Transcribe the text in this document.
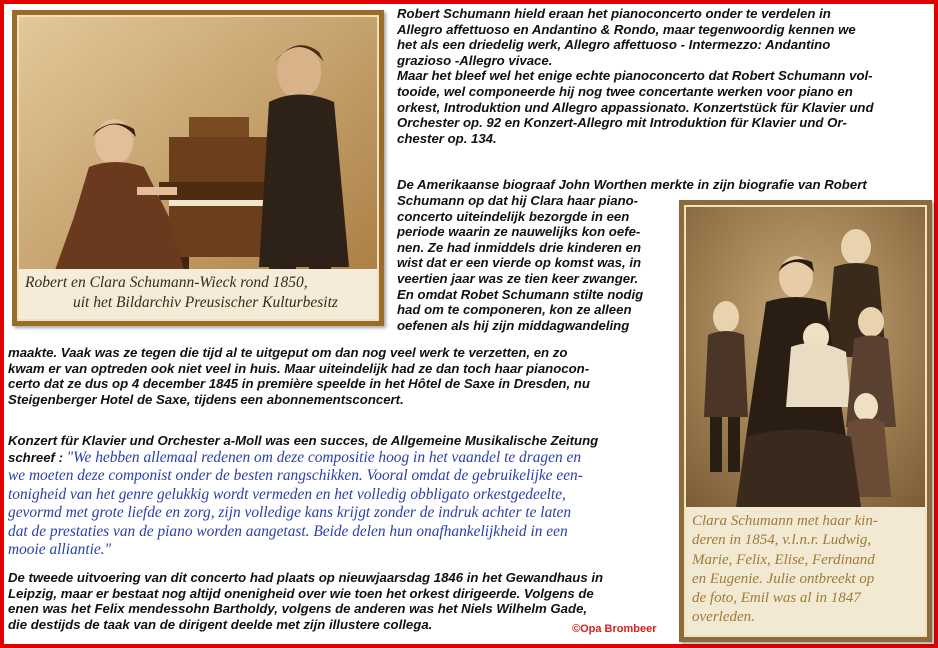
Robert en Clara Schumann-Wieck rond 1850,
uit het Bildarchiv Preusischer Kulturbesitz
Robert Schumann hield eraan het pianoconcerto onder te verdelen in
Allegro affettuoso en Andantino & Rondo, maar tegenwoordig kennen we
het als een driedelig werk, Allegro affettuoso - Intermezzo: Andantino
grazioso -Allegro vivace.
Maar het bleef wel het enige echte pianoconcerto dat Robert Schumann vol-
tooide, wel componeerde hij nog twee concertante werken voor piano en
orkest, Introduktion und Allegro appassionato. Konzertstück für Klavier und
Orchester op. 92 en Konzert-Allegro mit Introduktion für Klavier und Or-
chester op. 134.
De Amerikaanse biograaf John Worthen merkte in zijn biografie van Robert
Schumann op dat hij Clara haar piano-
concerto uiteindelijk bezorgde in een
periode waarin ze nauwelijks kon oefe-
nen. Ze had inmiddels drie kinderen en
wist dat er een vierde op komst was, in
veertien jaar was ze tien keer zwanger.
En omdat Robet Schumann stilte nodig
had om te componeren, kon ze alleen
oefenen als hij zijn middagwandeling
maakte. Vaak was ze tegen die tijd al te uitgeput om dan nog veel werk te verzetten, en zo
kwam er van optreden ook niet veel in huis. Maar uiteindelijk had ze dan toch haar pianocon-
certo dat ze dus op 4 december 1845 in première speelde in het Hôtel de Saxe in Dresden, nu
Steigenberger Hotel de Saxe, tijdens een abonnementsconcert.
Konzert für Klavier und Orchester a-Moll was een succes, de Allgemeine Musikalische Zeitung
schreef : "We hebben allemaal redenen om deze compositie hoog in het vaandel te dragen en
we moeten deze componist onder de besten rangschikken. Vooral omdat de gebruikelijke een-
tonigheid van het genre gelukkig wordt vermeden en het volledig obbligato orkestgedeelte,
gevormd met grote liefde en zorg, zijn volledige kans krijgt zonder de indruk achter te laten
dat de prestaties van de piano worden aangetast. Beide delen hun onafhankelijkheid in een
mooie alliantie."
De tweede uitvoering van dit concerto had plaats op nieuwjaarsdag 1846 in het Gewandhaus in
Leipzig, maar er bestaat nog altijd onenigheid over wie toen het orkest dirigeerde. Volgens de
enen was het Felix mendessohn Bartholdy, volgens de anderen was het Niels Wilhelm Gade,
die destijds de taak van de dirigent deelde met zijn illustere collega.
Clara Schumann met haar kin-
deren in 1854, v.l.n.r. Ludwig,
Marie, Felix, Elise, Ferdinand
en Eugenie. Julie ontbreekt op
de foto, Emil was al in 1847
overleden.
©Opa Brombeer
